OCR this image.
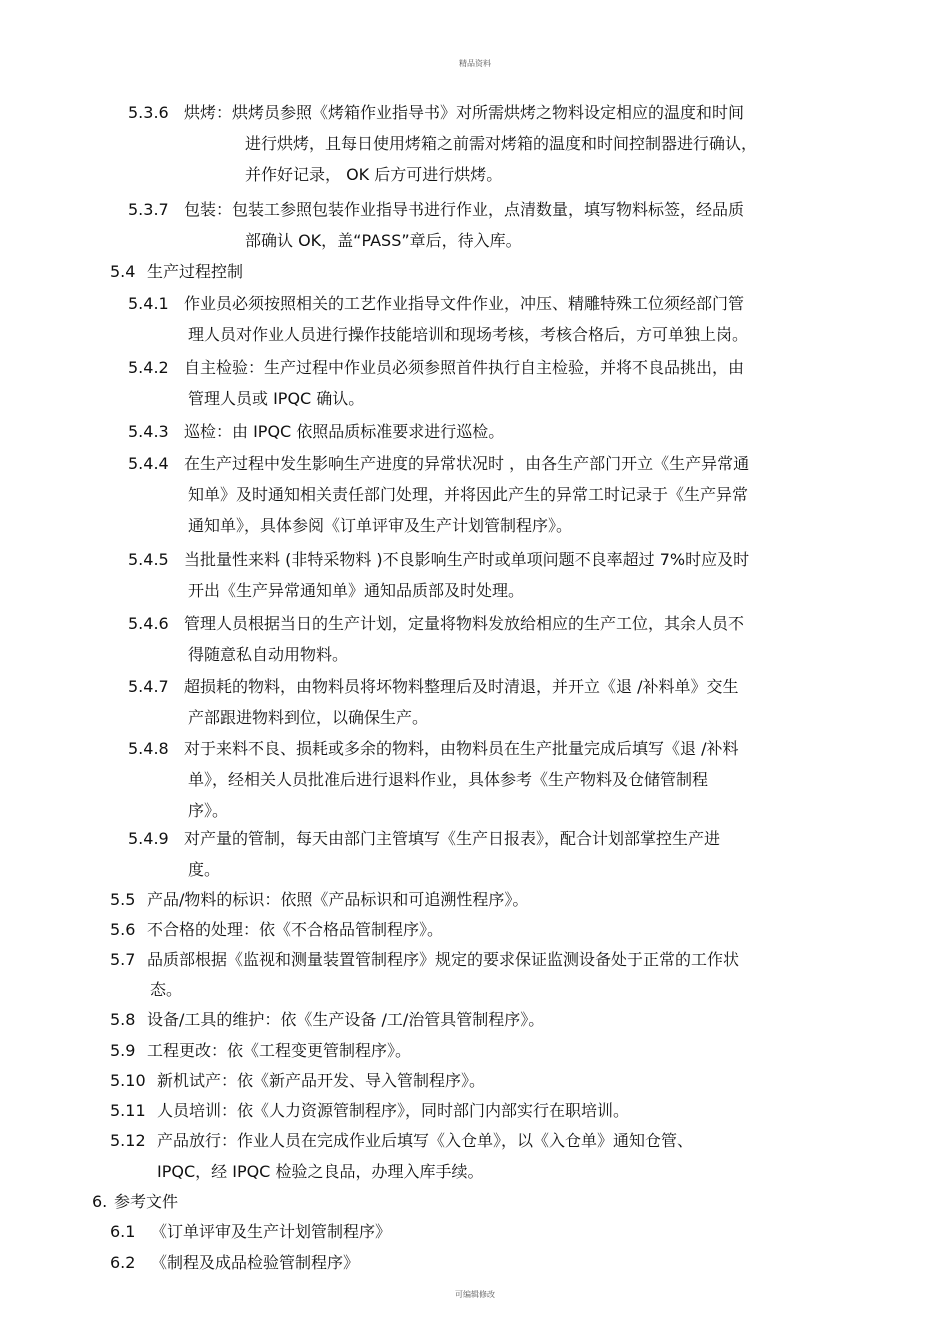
精品资料
5.3.6 烘烤：烘烤员参照《烤箱作业指导书》对所需烘烤之物料设定相应的温度和时间
进行烘烤，且每日使用烤箱之前需对烤箱的温度和时间控制器进行确认，
并作好记录， OK 后方可进行烘烤。
5.3.7 包装：包装工参照包装作业指导书进行作业，点清数量，填写物料标签，经品质
部确认 OK，盖“PASS”章后，待入库。
5.4 生产过程控制
5.4.1 作业员必须按照相关的工艺作业指导文件作业，冲压、精雕特殊工位须经部门管
理人员对作业人员进行操作技能培训和现场考核，考核合格后，方可单独上岗。
5.4.2 自主检验：生产过程中作业员必须参照首件执行自主检验，并将不良品挑出，由
管理人员或 IPQC 确认。
5.4.3 巡检：由 IPQC 依照品质标准要求进行巡检。
5.4.4 在生产过程中发生影响生产进度的异常状况时 ，由各生产部门开立《生产异常通
知单》及时通知相关责任部门处理，并将因此产生的异常工时记录于《生产异常
通知单》，具体参阅《订单评审及生产计划管制程序》。
5.4.5 当批量性来料 (非特采物料 )不良影响生产时或单项问题不良率超过 7%时应及时
开出《生产异常通知单》通知品质部及时处理。
5.4.6 管理人员根据当日的生产计划，定量将物料发放给相应的生产工位，其余人员不
得随意私自动用物料。
5.4.7 超损耗的物料，由物料员将坏物料整理后及时清退，并开立《退 /补料单》交生
产部跟进物料到位，以确保生产。
5.4.8 对于来料不良、损耗或多余的物料，由物料员在生产批量完成后填写《退 /补料
单》，经相关人员批准后进行退料作业，具体参考《生产物料及仓储管制程
序》。
5.4.9 对产量的管制，每天由部门主管填写《生产日报表》，配合计划部掌控生产进
度。
5.5 产品/物料的标识：依照《产品标识和可追溯性程序》。
5.6 不合格的处理：依《不合格品管制程序》。
5.7 品质部根据《监视和测量装置管制程序》规定的要求保证监测设备处于正常的工作状
态。
5.8 设备/工具的维护：依《生产设备 /工/治管具管制程序》。
5.9 工程更改：依《工程变更管制程序》。
5.10 新机试产：依《新产品开发、导入管制程序》。
5.11 人员培训：依《人力资源管制程序》，同时部门内部实行在职培训。
5.12 产品放行：作业人员在完成作业后填写《入仓单》，以《入仓单》通知仓管、
IPQC，经 IPQC 检验之良品，办理入库手续。
6. 参考文件
6.1 《订单评审及生产计划管制程序》
6.2 《制程及成品检验管制程序》
可编辑修改
